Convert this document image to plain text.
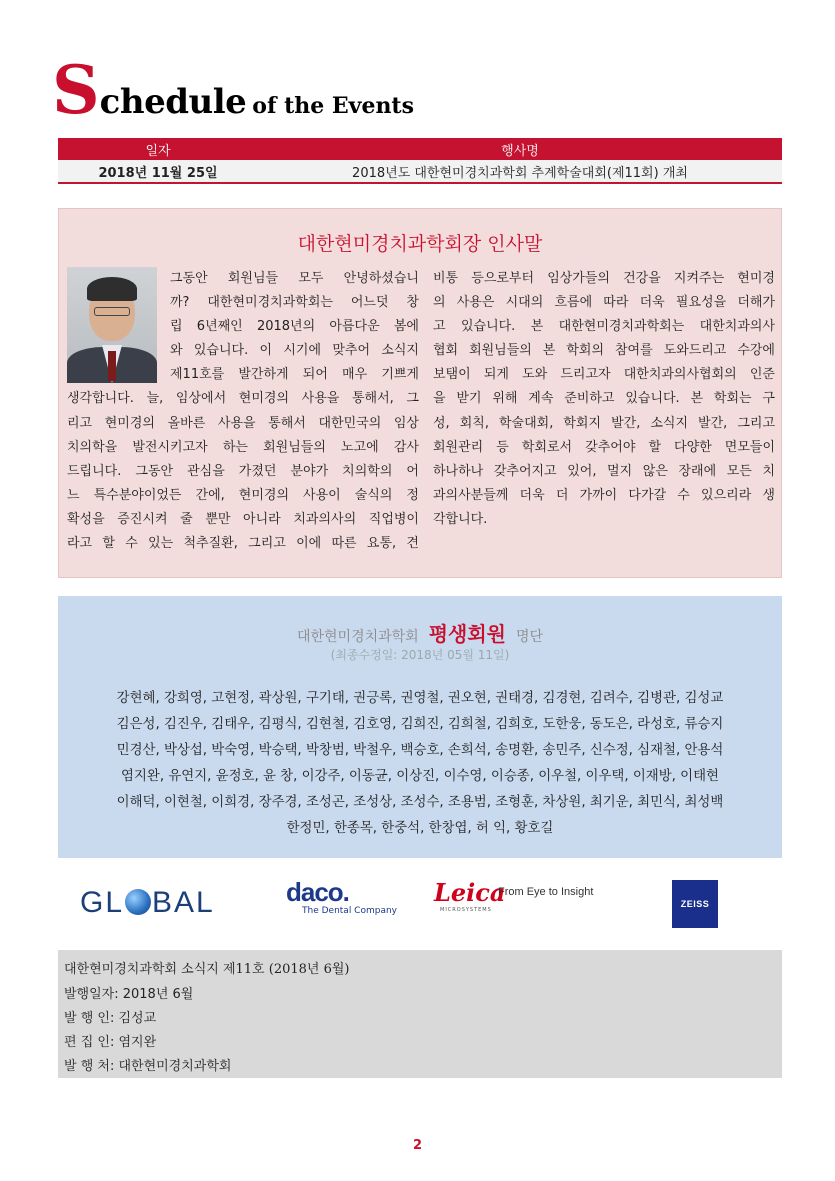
Schedule of the Events
일자	행사명
2018년 11월 25일	2018년도 대한현미경치과학회 추계학술대회(제11회) 개최
대한현미경치과학회장 인사말
그동안 회원님들 모두 안녕하셨습니
까? 대한현미경치과학회는 어느덧 창
립 6년째인 2018년의 아름다운 봄에
와 있습니다. 이 시기에 맞추어 소식지
제11호를 발간하게 되어 매우 기쁘게
생각합니다. 늘, 임상에서 현미경의 사용을 통해서, 그
리고 현미경의 올바른 사용을 통해서 대한민국의 임상
치의학을 발전시키고자 하는 회원님들의 노고에 감사
드립니다. 그동안 관심을 가졌던 분야가 치의학의 어
느 특수분야이었든 간에, 현미경의 사용이 술식의 정
확성을 증진시켜 줄 뿐만 아니라 치과의사의 직업병이
라고 할 수 있는 척추질환, 그리고 이에 따른 요통, 견
비통 등으로부터 임상가들의 건강을 지켜주는 현미경
의 사용은 시대의 흐름에 따라 더욱 필요성을 더해가
고 있습니다. 본 대한현미경치과학회는 대한치과의사
협회 회원님들의 본 학회의 참여를 도와드리고 수강에
보탬이 되게 도와 드리고자 대한치과의사협회의 인준
을 받기 위해 계속 준비하고 있습니다. 본 학회는 구
성, 회칙, 학술대회, 학회지 발간, 소식지 발간, 그리고
회원관리 등 학회로서 갖추어야 할 다양한 면모들이
하나하나 갖추어지고 있어, 멀지 않은 장래에 모든 치
과의사분들께 더욱 더 가까이 다가갈 수 있으리라 생
각합니다.
대한현미경치과학회 평생회원 명단
(최종수정일: 2018년 05월 11일)
강현혜, 강희영, 고현정, 곽상원, 구기태, 권긍록, 권영철, 권오현, 권태경, 김경현, 김려수, 김병관, 김성교
김은성, 김진우, 김태우, 김평식, 김현철, 김호영, 김희진, 김희철, 김희호, 도한웅, 동도은, 라성호, 류승지
민경산, 박상섭, 박숙영, 박승택, 박창범, 박철우, 백승호, 손희석, 송명환, 송민주, 신수정, 심재철, 안용석
염지완, 유연지, 윤정호, 윤 창, 이강주, 이동균, 이상진, 이수영, 이승종, 이우철, 이우택, 이재방, 이태현
이해덕, 이현철, 이희경, 장주경, 조성곤, 조성상, 조성수, 조용범, 조형훈, 차상원, 최기운, 최민식, 최성백
한정민, 한종목, 한중석, 한창엽, 허 익, 황호길
GL BAL	daco.
The Dental Company
Leica
MICROSYSTEMS
From Eye to Insight
ZEISS
대한현미경치과학회 소식지 제11호 (2018년 6월)
발행일자: 2018년 6월
발 행 인: 김성교
편 집 인: 염지완
발 행 처: 대한현미경치과학회
2
